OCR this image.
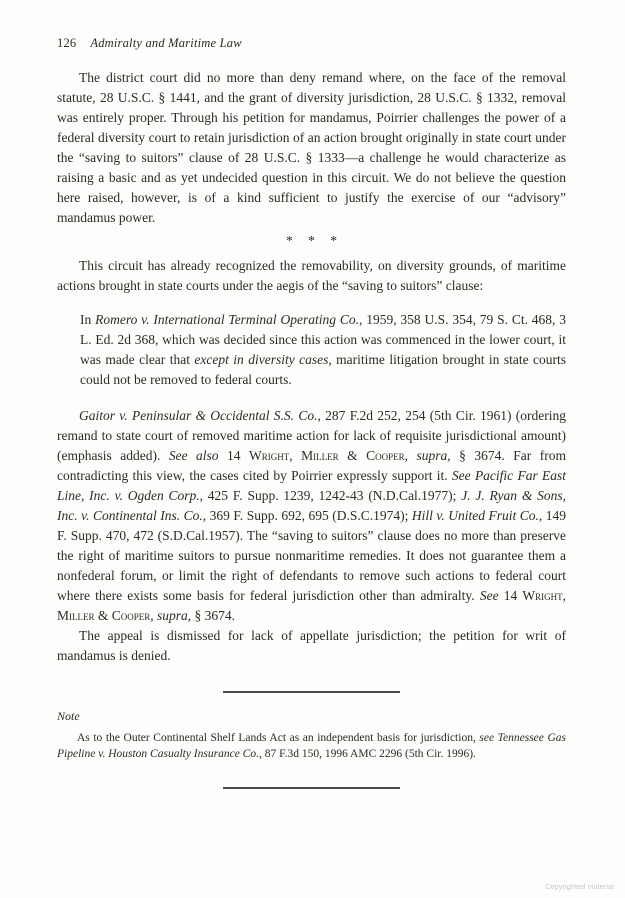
126 Admiralty and Maritime Law

The district court did no more than deny remand where, on the face of the removal statute, 28 U.S.C. § 1441, and the grant of diversity jurisdiction, 28 U.S.C. § 1332, removal was entirely proper. Through his petition for mandamus, Poirrier challenges the power of a federal diversity court to retain jurisdiction of an action brought originally in state court under the “saving to suitors” clause of 28 U.S.C. § 1333—a challenge he would characterize as raising a basic and as yet undecided question in this circuit. We do not believe the question here raised, however, is of a kind sufficient to justify the exercise of our “advisory” mandamus power.

* * *

This circuit has already recognized the removability, on diversity grounds, of maritime actions brought in state courts under the aegis of the “saving to suitors” clause:

In Romero v. International Terminal Operating Co., 1959, 358 U.S. 354, 79 S. Ct. 468, 3 L. Ed. 2d 368, which was decided since this action was commenced in the lower court, it was made clear that except in diversity cases, maritime litigation brought in state courts could not be removed to federal courts.

Gaitor v. Peninsular & Occidental S.S. Co., 287 F.2d 252, 254 (5th Cir. 1961) (ordering remand to state court of removed maritime action for lack of requisite jurisdictional amount) (emphasis added). See also 14 Wright, Miller & Cooper, supra, § 3674. Far from contradicting this view, the cases cited by Poirrier expressly support it. See Pacific Far East Line, Inc. v. Ogden Corp., 425 F. Supp. 1239, 1242-43 (N.D.Cal.1977); J. J. Ryan & Sons, Inc. v. Continental Ins. Co., 369 F. Supp. 692, 695 (D.S.C.1974); Hill v. United Fruit Co., 149 F. Supp. 470, 472 (S.D.Cal.1957). The “saving to suitors” clause does no more than preserve the right of maritime suitors to pursue nonmaritime remedies. It does not guarantee them a nonfederal forum, or limit the right of defendants to remove such actions to federal court where there exists some basis for federal jurisdiction other than admiralty. See 14 Wright, Miller & Cooper, supra, § 3674.

The appeal is dismissed for lack of appellate jurisdiction; the petition for writ of mandamus is denied.

Note

As to the Outer Continental Shelf Lands Act as an independent basis for jurisdiction, see Tennessee Gas Pipeline v. Houston Casualty Insurance Co., 87 F.3d 150, 1996 AMC 2296 (5th Cir. 1996).

Copyrighted material
